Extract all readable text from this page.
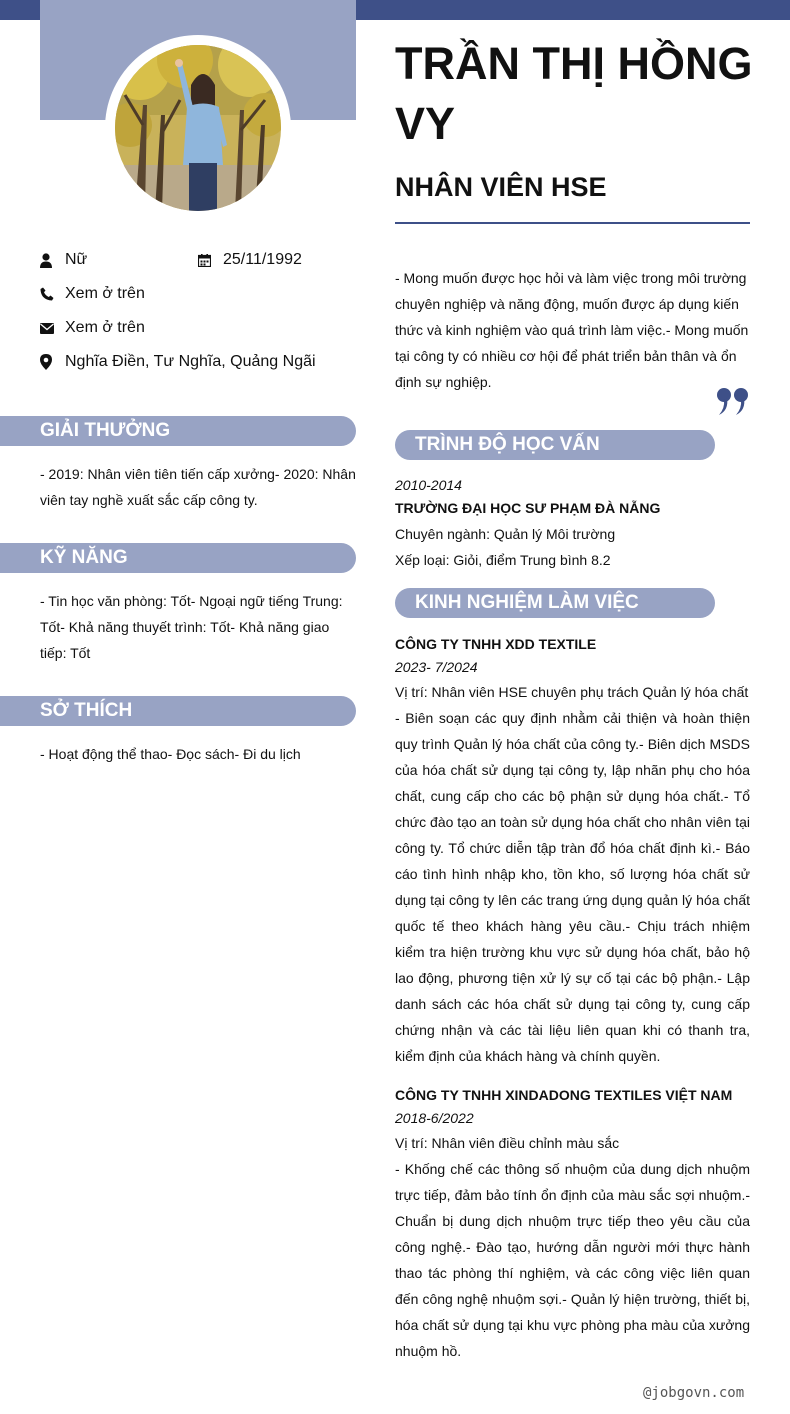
Nữ	25/11/1992
Xem ở trên
Xem ở trên
Nghĩa Điền, Tư Nghĩa, Quảng Ngãi
GIẢI THƯỞNG
- 2019: Nhân viên tiên tiến cấp xưởng- 2020: Nhân viên tay nghề xuất sắc cấp công ty.
KỸ NĂNG
- Tin học văn phòng: Tốt- Ngoại ngữ tiếng Trung: Tốt- Khả năng thuyết trình: Tốt- Khả năng giao tiếp: Tốt
SỞ THÍCH
- Hoạt động thể thao- Đọc sách- Đi du lịch
TRẦN THỊ HỒNG VY
NHÂN VIÊN HSE
- Mong muốn được học hỏi và làm việc trong môi trường chuyên nghiệp và năng động, muốn được áp dụng kiến thức và kinh nghiệm vào quá trình làm việc.- Mong muốn tại công ty có nhiều cơ hội để phát triển bản thân và ổn định sự nghiệp.
TRÌNH ĐỘ HỌC VẤN
2010-2014
TRƯỜNG ĐẠI HỌC SƯ PHẠM ĐÀ NẴNG
Chuyên ngành: Quản lý Môi trường
Xếp loại: Giỏi, điểm Trung bình 8.2
KINH NGHIỆM LÀM VIỆC
CÔNG TY TNHH XDD TEXTILE
2023- 7/2024
Vị trí: Nhân viên HSE chuyên phụ trách Quản lý hóa chất
- Biên soạn các quy định nhằm cải thiện và hoàn thiện quy trình Quản lý hóa chất của công ty.- Biên dịch MSDS của hóa chất sử dụng tại công ty, lập nhãn phụ cho hóa chất, cung cấp cho các bộ phận sử dụng hóa chất.- Tổ chức đào tạo an toàn sử dụng hóa chất cho nhân viên tại công ty. Tổ chức diễn tập tràn đổ hóa chất định kì.- Báo cáo tình hình nhập kho, tồn kho, số lượng hóa chất sử dụng tại công ty lên các trang ứng dụng quản lý hóa chất quốc tế theo khách hàng yêu cầu.- Chịu trách nhiệm kiểm tra hiện trường khu vực sử dụng hóa chất, bảo hộ lao động, phương tiện xử lý sự cố tại các bộ phận.- Lập danh sách các hóa chất sử dụng tại công ty, cung cấp chứng nhận và các tài liệu liên quan khi có thanh tra, kiểm định của khách hàng và chính quyền.
CÔNG TY TNHH XINDADONG TEXTILES VIỆT NAM
2018-6/2022
Vị trí: Nhân viên điều chỉnh màu sắc
- Khống chế các thông số nhuộm của dung dịch nhuộm trực tiếp, đảm bảo tính ổn định của màu sắc sợi nhuộm.- Chuẩn bị dung dịch nhuộm trực tiếp theo yêu cầu của công nghệ.- Đào tạo, hướng dẫn người mới thực hành thao tác phòng thí nghiệm, và các công việc liên quan đến công nghệ nhuộm sợi.- Quản lý hiện trường, thiết bị, hóa chất sử dụng tại khu vực phòng pha màu của xưởng nhuộm hồ.
@jobgovn.com
